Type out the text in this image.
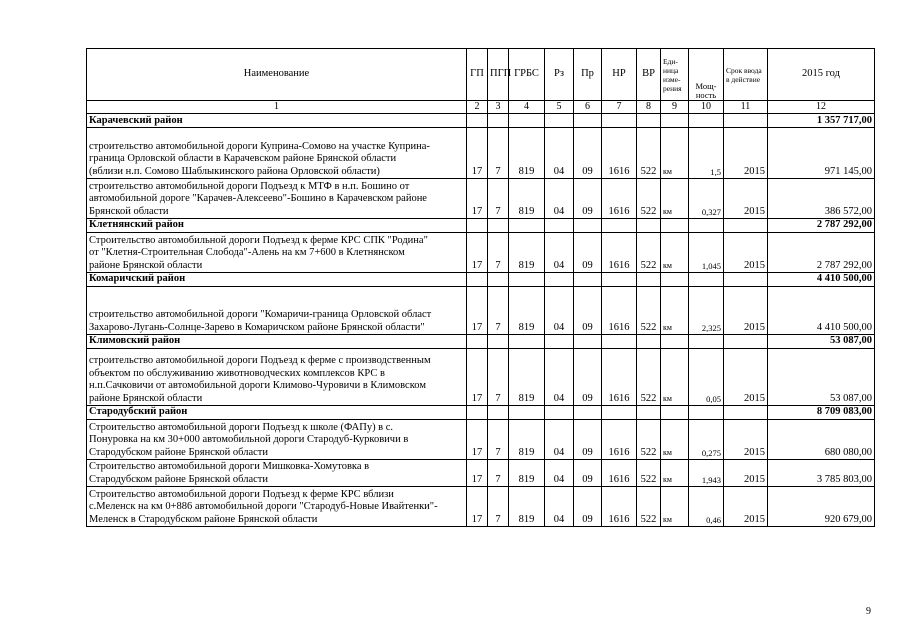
Наименование	ГП	ПГП	ГРБС	Рз	Пр	НР	ВР	Еди-ница изме-рения	Мощ-ность	Срок ввода в действие	2015 год
1	2	3	4	5	6	7	8	9	10	11	12
Карачевский район											1 357 717,00

строительство автомобильной дороги Куприна-Сомово на участке Куприна-
граница Орловской области в Карачевском районе Брянской области
(вблизи н.п. Сомово Шаблыкинского района Орловской области)	17	7	819	04	09	1616	522	км	1,5	2015	971 145,00

строительство автомобильной дороги Подъезд к МТФ в н.п. Бошино от
автомобильной дороге "Карачев-Алексеево"-Бошино в Карачевском районе
Брянской области	17	7	819	04	09	1616	522	км	0,327	2015	386 572,00
Клетнянский район											2 787 292,00

Строительство автомобильной дороги Подъезд к ферме КРС СПК "Родина"
от "Клетня-Строительная Слобода"-Алень на км 7+600 в Клетнянском
районе Брянской области	17	7	819	04	09	1616	522	км	1,045	2015	2 787 292,00
Комаричский район											4 410 500,00

строительство автомобильной дороги "Комаричи-граница Орловской област
Захарово-Лугань-Солнце-Зарево в Комаричском районе Брянской области"	17	7	819	04	09	1616	522	км	2,325	2015	4 410 500,00
Климовский район											53 087,00

строительство автомобильной дороги Подъезд к ферме с производственным
объектом по обслуживанию животноводческих комплексов КРС в
н.п.Сачковичи от автомобильной дороги Климово-Чуровичи в Климовском
районе Брянской области	17	7	819	04	09	1616	522	км	0,05	2015	53 087,00
Стародубский район											8 709 083,00

Строительство автомобильной дороги Подъезд к школе (ФАПу) в с.
Понуровка на км 30+000 автомобильной дороги Стародуб-Курковичи в
Стародубском районе Брянской области	17	7	819	04	09	1616	522	км	0,275	2015	680 080,00

Строительство автомобильной дороги Мишковка-Хомутовка в
Стародубском районе Брянской области	17	7	819	04	09	1616	522	км	1,943	2015	3 785 803,00

Строительство автомобильной дороги Подъезд к ферме КРС вблизи
с.Меленск на км 0+886 автомобильной дороги "Стародуб-Новые Ивайтенки"-
Меленск в Стародубском районе Брянской области	17	7	819	04	09	1616	522	км	0,46	2015	920 679,00
9
